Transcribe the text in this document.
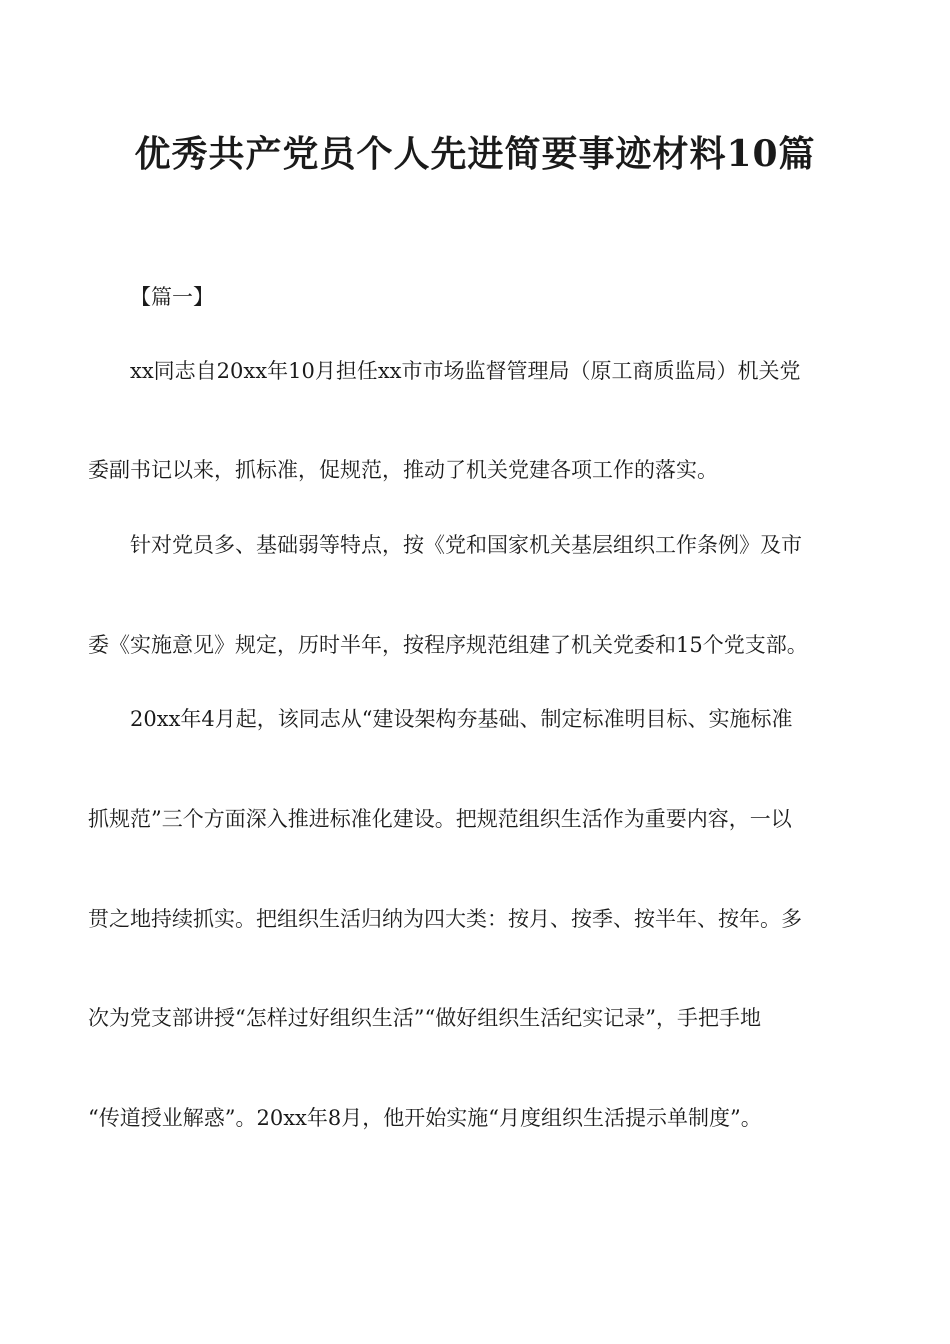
优秀共产党员个人先进简要事迹材料10篇
【篇一】
xx同志自20xx年10月担任xx市市场监督管理局（原工商质监局）机关党
委副书记以来，抓标准，促规范，推动了机关党建各项工作的落实。
针对党员多、基础弱等特点，按《党和国家机关基层组织工作条例》及市
委《实施意见》规定，历时半年，按程序规范组建了机关党委和15个党支部。
20xx年4月起，该同志从“建设架构夯基础、制定标准明目标、实施标准
抓规范”三个方面深入推进标准化建设。把规范组织生活作为重要内容，一以
贯之地持续抓实。把组织生活归纳为四大类：按月、按季、按半年、按年。多
次为党支部讲授“怎样过好组织生活”“做好组织生活纪实记录”，手把手地
“传道授业解惑”。20xx年8月，他开始实施“月度组织生活提示单制度”。
